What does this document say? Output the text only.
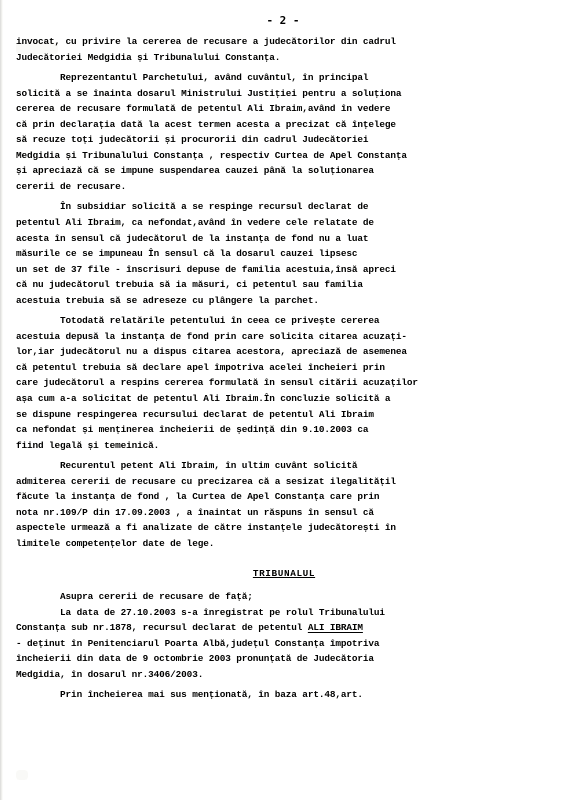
- 2 -
invocat, cu privire la cererea de recusare a judecătorilor din cadrul
Judecătoriei Medgidia și Tribunalului Constanța.
Reprezentantul Parchetului, având cuvântul, în principal
solicită a se înainta dosarul Ministrului Justiției pentru a soluționa
cererea de recusare formulată de petentul Ali Ibraim,având în vedere
că prin declarația dată la acest termen acesta a precizat că înțelege
să recuze toți judecătorii și procurorii din cadrul Judecătoriei
Medgidia și Tribunalului Constanța , respectiv Curtea de Apel Constanța
și apreciază că se impune suspendarea cauzei până la soluționarea
cererii de recusare.
În subsidiar solicită a se respinge recursul declarat de
petentul Ali Ibraim, ca nefondat,având în vedere cele relatate de
acesta în sensul că judecătorul de la instanța de fond nu a luat
măsurile ce se impuneau În sensul că la dosarul cauzei lipsesc
un set de 37 file - înscrisuri depuse de familia acestuia,însă apreci
că nu judecătorul trebuia să ia măsuri, ci petentul sau familia
acestuia trebuia să se adreseze cu plângere la parchet.
Totodată relatările petentului în ceea ce privește cererea
acestuia depusă la instanța de fond prin care solicita citarea acuzați-
lor,iar judecătorul nu a dispus citarea acestora, apreciază de asemenea
că petentul trebuia să declare apel împotriva acelei încheieri prin
care judecătorul a respins cererea formulată în sensul citării acuzaților
așa cum a-a solicitat de petentul Ali Ibraim.În concluzie solicită a
se dispune respingerea recursului declarat de petentul Ali Ibraim
ca nefondat și menținerea încheierii de ședință din 9.10.2003 ca
fiind legală și temeinică.
Recurentul petent Ali Ibraim, în ultim cuvânt solicită
admiterea cererii de recusare cu precizarea că a sesizat ilegalitățil
făcute la instanța de fond , la Curtea de Apel Constanța care prin
nota nr.109/P din 17.09.2003 , a înaintat un răspuns în sensul că
aspectele urmează a fi analizate de către instanțele judecătorești în
limitele competențelor date de lege.
TRIBUNALUL
Asupra cererii de recusare de față;
La data de 27.10.2003 s-a înregistrat pe rolul Tribunalului
Constanța sub nr.1878, recursul declarat de petentul ALI IBRAIM
- deținut în Penitenciarul Poarta Albă,județul Constanța împotriva
încheierii din data de 9 octombrie 2003 pronunțată de Judecătoria
Medgidia, în dosarul nr.3406/2003.
Prin încheierea mai sus menționată, în baza art.48,art.
